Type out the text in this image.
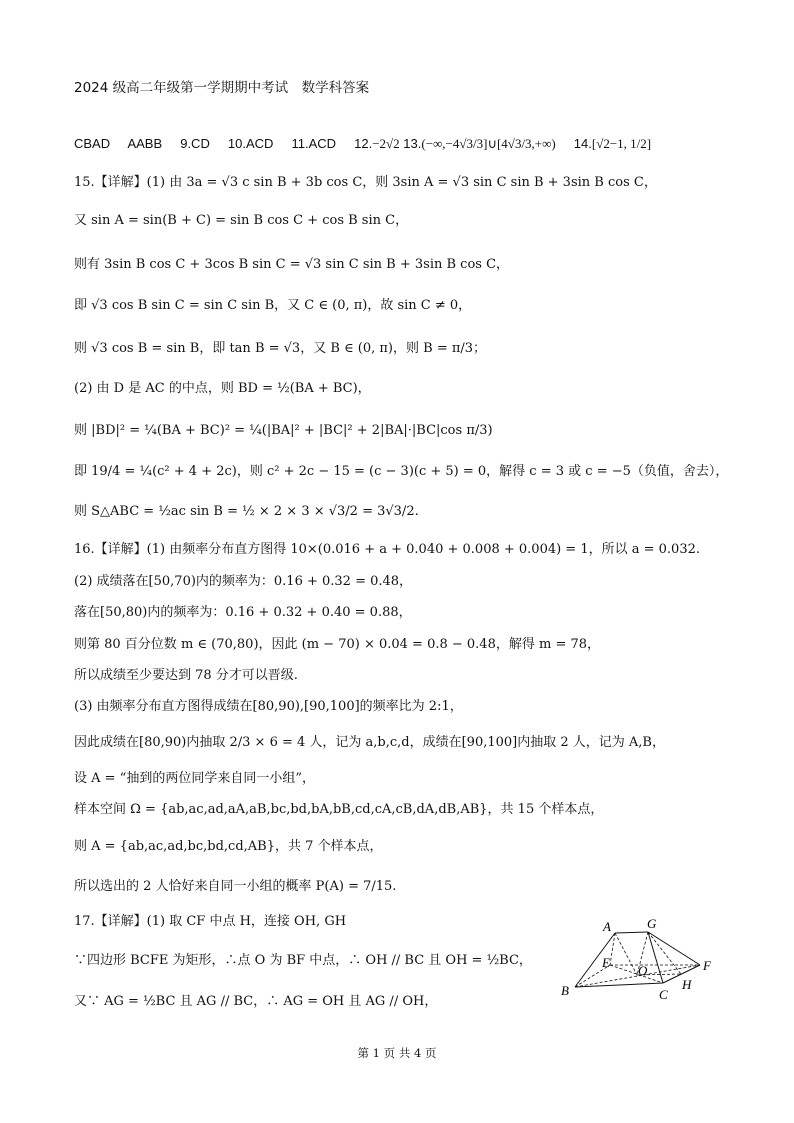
2024 级高二年级第一学期期中考试　数学科答案
CBAD AABB 9.CD 10.ACD 11.ACD 12.−2√2 13.(−∞,−4√3/3]∪[4√3/3,+∞) 14.[√2−1, 1/2]
15.【详解】(1) 由 3a = √3 c sin B + 3b cos C，则 3sin A = √3 sin C sin B + 3sin B cos C，
又 sin A = sin(B + C) = sin B cos C + cos B sin C，
则有 3sin B cos C + 3cos B sin C = √3 sin C sin B + 3sin B cos C，
即 √3 cos B sin C = sin C sin B，又 C ∈ (0, π)，故 sin C ≠ 0，
则 √3 cos B = sin B，即 tan B = √3，又 B ∈ (0, π)，则 B = π/3；
(2) 由 D 是 AC 的中点，则 BD = ½(BA + BC)，
则 |BD|² = ¼(BA + BC)² = ¼(|BA|² + |BC|² + 2|BA|·|BC|cos π/3)
即 19/4 = ¼(c² + 4 + 2c)，则 c² + 2c − 15 = (c − 3)(c + 5) = 0，解得 c = 3 或 c = −5（负值，舍去），
则 S△ABC = ½ac sin B = ½ × 2 × 3 × √3/2 = 3√3/2.
16.【详解】(1) 由频率分布直方图得 10×(0.016 + a + 0.040 + 0.008 + 0.004) = 1，所以 a = 0.032.
(2) 成绩落在[50,70)内的频率为：0.16 + 0.32 = 0.48，
落在[50,80)内的频率为：0.16 + 0.32 + 0.40 = 0.88，
则第 80 百分位数 m ∈ (70,80)，因此 (m − 70) × 0.04 = 0.8 − 0.48，解得 m = 78，
所以成绩至少要达到 78 分才可以晋级.
(3) 由频率分布直方图得成绩在[80,90),[90,100]的频率比为 2:1，
因此成绩在[80,90)内抽取 2/3 × 6 = 4 人，记为 a,b,c,d，成绩在[90,100]内抽取 2 人，记为 A,B，
设 A = “抽到的两位同学来自同一小组”，
样本空间 Ω = {ab,ac,ad,aA,aB,bc,bd,bA,bB,cd,cA,cB,dA,dB,AB}，共 15 个样本点，
则 A = {ab,ac,ad,bc,bd,cd,AB}，共 7 个样本点，
所以选出的 2 人恰好来自同一小组的概率 P(A) = 7/15.
17.【详解】(1) 取 CF 中点 H，连接 OH, GH
∵四边形 BCFE 为矩形，∴点 O 为 BF 中点，∴ OH // BC 且 OH = ½BC，
又∵ AG = ½BC 且 AG // BC，∴ AG = OH 且 AG // OH，
A	G
E
O	F
B	C
H
第 1 页 共 4 页
